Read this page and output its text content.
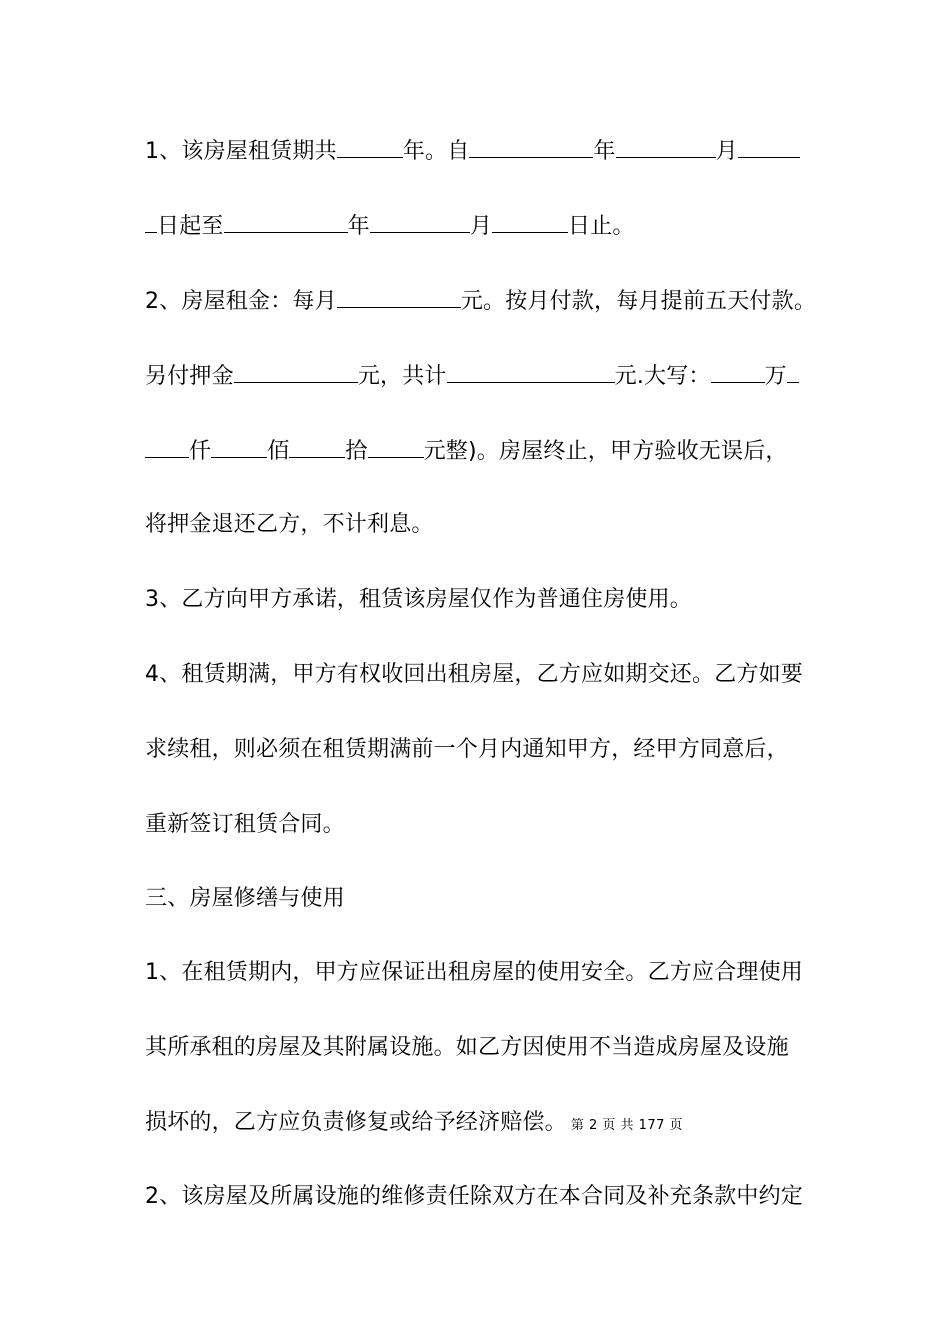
1、该房屋租赁期共	年。自	年	月
日起至	年	月	日止。
2、房屋租金：每月	元。按月付款，每月提前五天付款。
另付押金	元，共计	元.大写： 万
仟	佰	拾	元整)。房屋终止，甲方验收无误后，
将押金退还乙方，不计利息。
3、乙方向甲方承诺，租赁该房屋仅作为普通住房使用。
4、租赁期满，甲方有权收回出租房屋，乙方应如期交还。乙方如要
求续租，则必须在租赁期满前一个月内通知甲方，经甲方同意后，
重新签订租赁合同。
三、房屋修缮与使用
1、在租赁期内，甲方应保证出租房屋的使用安全。乙方应合理使用
其所承租的房屋及其附属设施。如乙方因使用不当造成房屋及设施
损坏的，乙方应负责修复或给予经济赔偿。 第 2 页 共 177 页
2、该房屋及所属设施的维修责任除双方在本合同及补充条款中约定
